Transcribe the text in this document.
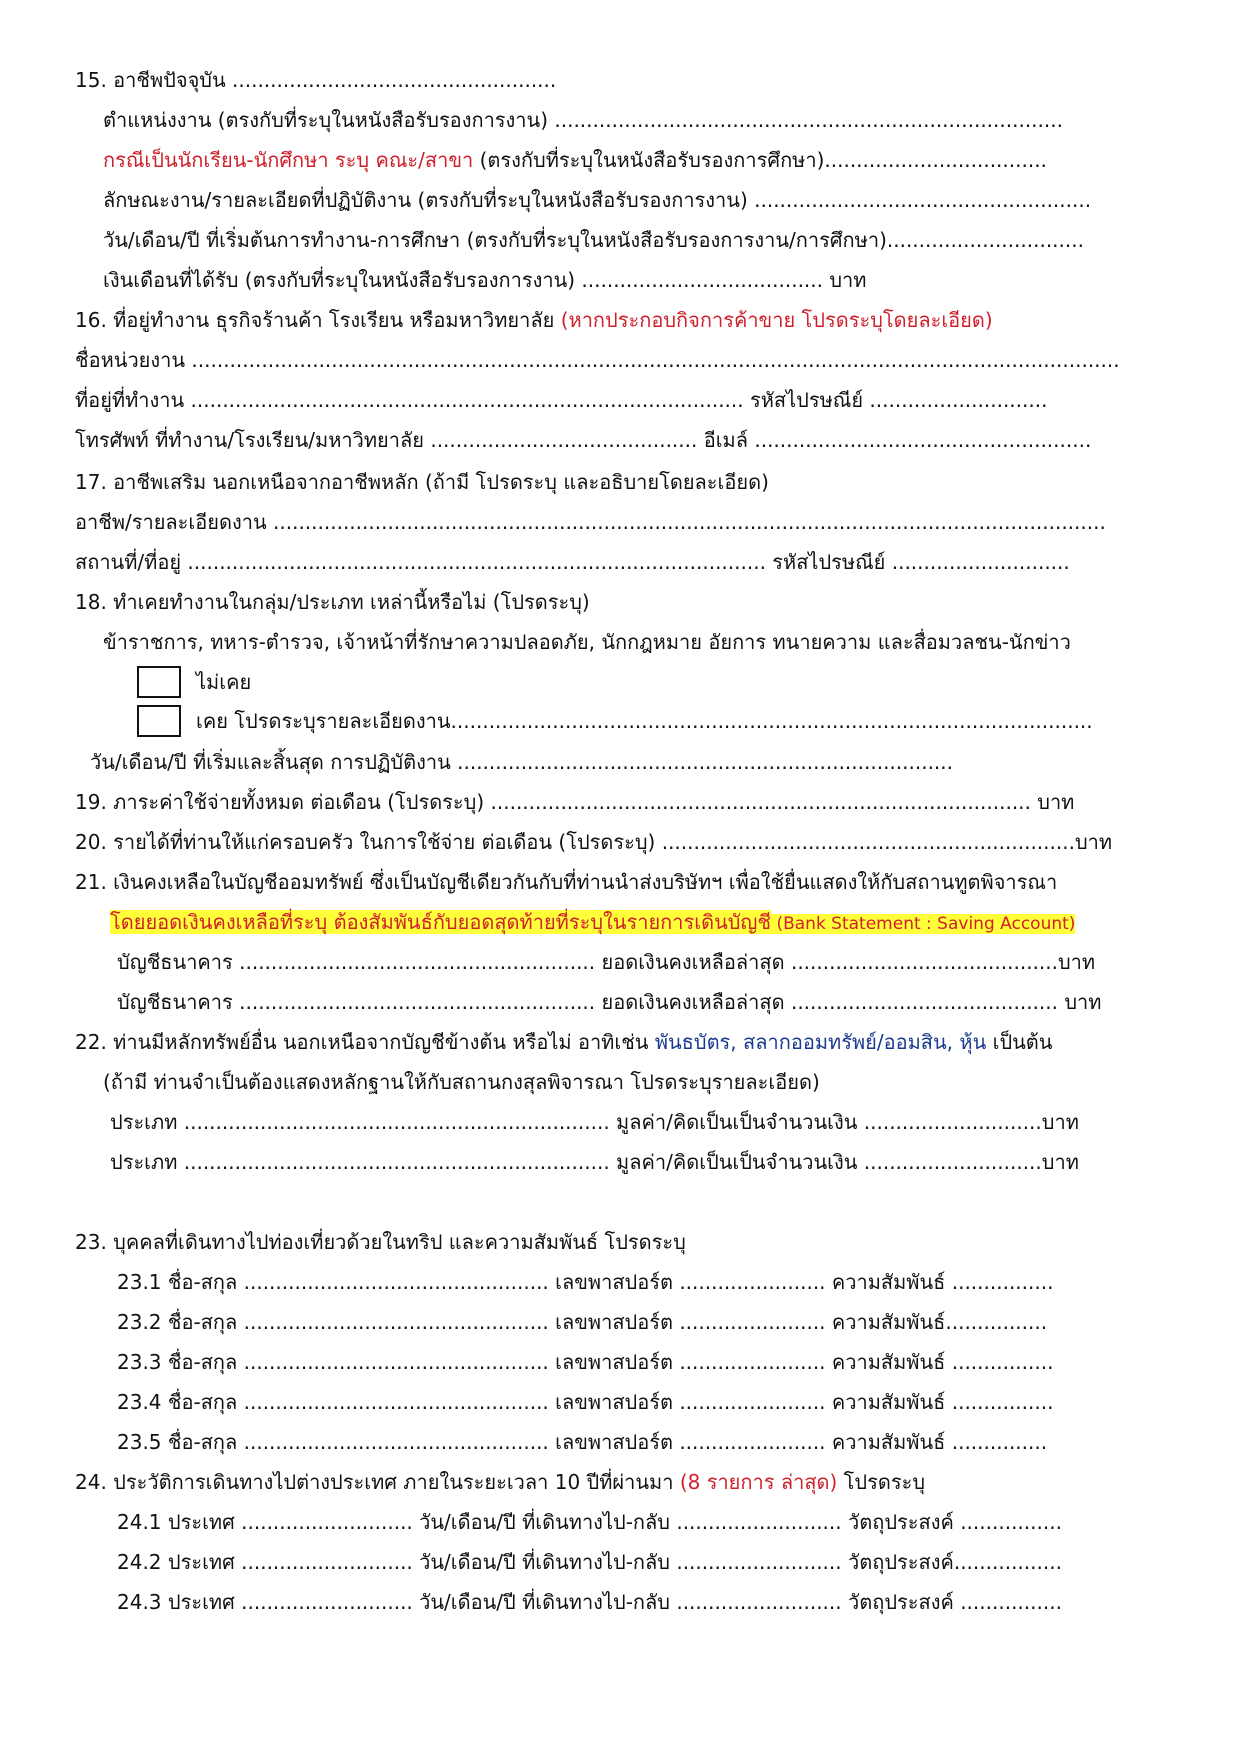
15. อาชีพปัจจุบัน ...................................................
ตำแหน่งงาน (ตรงกับที่ระบุในหนังสือรับรองการงาน) ................................................................................
กรณีเป็นนักเรียน-นักศึกษา ระบุ คณะ/สาขา (ตรงกับที่ระบุในหนังสือรับรองการศึกษา)...................................
ลักษณะงาน/รายละเอียดที่ปฏิบัติงาน (ตรงกับที่ระบุในหนังสือรับรองการงาน) .....................................................
วัน/เดือน/ปี ที่เริ่มต้นการทำงาน-การศึกษา (ตรงกับที่ระบุในหนังสือรับรองการงาน/การศึกษา)...............................
เงินเดือนที่ได้รับ (ตรงกับที่ระบุในหนังสือรับรองการงาน) ...................................... บาท
16. ที่อยู่ทำงาน ธุรกิจร้านค้า โรงเรียน หรือมหาวิทยาลัย (หากประกอบกิจการค้าขาย โปรดระบุโดยละเอียด)
ชื่อหน่วยงาน ..................................................................................................................................................
ที่อยู่ที่ทำงาน ....................................................................................... รหัสไปรษณีย์ ............................
โทรศัพท์ ที่ทำงาน/โรงเรียน/มหาวิทยาลัย .......................................... อีเมล์ .....................................................
17. อาชีพเสริม นอกเหนือจากอาชีพหลัก (ถ้ามี โปรดระบุ และอธิบายโดยละเอียด)
อาชีพ/รายละเอียดงาน ...................................................................................................................................
สถานที่/ที่อยู่ ........................................................................................... รหัสไปรษณีย์ ............................
18. ทำเคยทำงานในกลุ่ม/ประเภท เหล่านี้หรือไม่ (โปรดระบุ)
ข้าราชการ, ทหาร-ตำรวจ, เจ้าหน้าที่รักษาความปลอดภัย, นักกฎหมาย อัยการ ทนายความ และสื่อมวลชน-นักข่าว
ไม่เคย
เคย โปรดระบุรายละเอียดงาน.....................................................................................................
วัน/เดือน/ปี ที่เริ่มและสิ้นสุด การปฏิบัติงาน ..............................................................................
19. ภาระค่าใช้จ่ายทั้งหมด ต่อเดือน (โปรดระบุ) ..................................................................................... บาท
20. รายได้ที่ท่านให้แก่ครอบครัว ในการใช้จ่าย ต่อเดือน (โปรดระบุ) .................................................................บาท
21. เงินคงเหลือในบัญชีออมทรัพย์ ซึ่งเป็นบัญชีเดียวกันกับที่ท่านนำส่งบริษัทฯ เพื่อใช้ยื่นแสดงให้กับสถานทูตพิจารณา
โดยยอดเงินคงเหลือที่ระบุ ต้องสัมพันธ์กับยอดสุดท้ายที่ระบุในรายการเดินบัญชี (Bank Statement : Saving Account)
บัญชีธนาคาร ........................................................ ยอดเงินคงเหลือล่าสุด ..........................................บาท
บัญชีธนาคาร ........................................................ ยอดเงินคงเหลือล่าสุด .......................................... บาท
22. ท่านมีหลักทรัพย์อื่น นอกเหนือจากบัญชีข้างต้น หรือไม่ อาทิเช่น พันธบัตร, สลากออมทรัพย์/ออมสิน, หุ้น เป็นต้น
(ถ้ามี ท่านจำเป็นต้องแสดงหลักฐานให้กับสถานกงสุลพิจารณา โปรดระบุรายละเอียด)
ประเภท ................................................................... มูลค่า/คิดเป็นเป็นจำนวนเงิน ............................บาท
ประเภท ................................................................... มูลค่า/คิดเป็นเป็นจำนวนเงิน ............................บาท
23. บุคคลที่เดินทางไปท่องเที่ยวด้วยในทริป และความสัมพันธ์ โปรดระบุ
23.1 ชื่อ-สกุล ................................................ เลขพาสปอร์ต ....................... ความสัมพันธ์ ................
23.2 ชื่อ-สกุล ................................................ เลขพาสปอร์ต ....................... ความสัมพันธ์................
23.3 ชื่อ-สกุล ................................................ เลขพาสปอร์ต ....................... ความสัมพันธ์ ................
23.4 ชื่อ-สกุล ................................................ เลขพาสปอร์ต ....................... ความสัมพันธ์ ................
23.5 ชื่อ-สกุล ................................................ เลขพาสปอร์ต ....................... ความสัมพันธ์ ...............
24. ประวัติการเดินทางไปต่างประเทศ ภายในระยะเวลา 10 ปีที่ผ่านมา (8 รายการ ล่าสุด) โปรดระบุ
24.1 ประเทศ ........................... วัน/เดือน/ปี ที่เดินทางไป-กลับ .......................... วัตถุประสงค์ ................
24.2 ประเทศ ........................... วัน/เดือน/ปี ที่เดินทางไป-กลับ .......................... วัตถุประสงค์.................
24.3 ประเทศ ........................... วัน/เดือน/ปี ที่เดินทางไป-กลับ .......................... วัตถุประสงค์ ................
